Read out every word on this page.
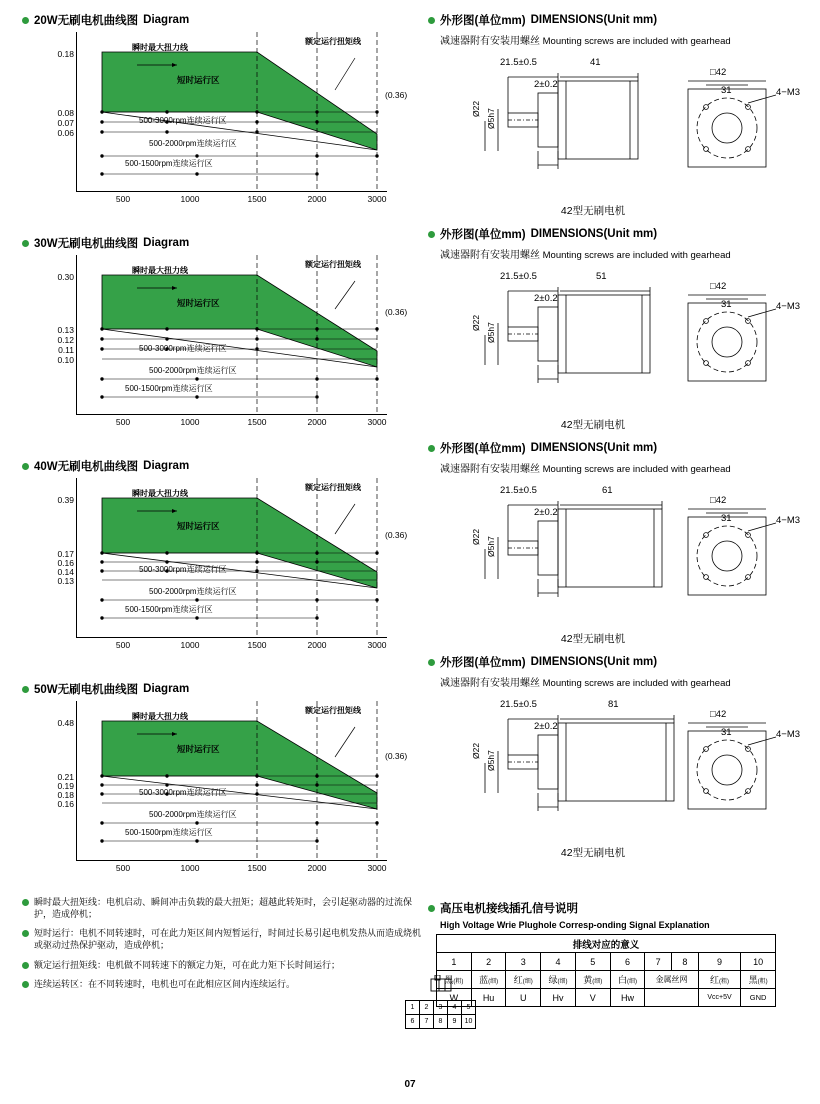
20W无刷电机曲线图 Diagram
0.18
0.08
0.07
0.06
500	1000	1500	2000	3000
瞬时最大扭力线
额定运行扭矩线
短时运行区
500-3000rpm连续运行区
500-2000rpm连续运行区
500-1500rpm连续运行区
(0.36)
30W无刷电机曲线图 Diagram
0.30
0.13
0.12
0.11
0.10
500	1000	1500	2000	3000
瞬时最大扭力线
额定运行扭矩线
短时运行区
500-3000rpm连续运行区
500-2000rpm连续运行区
500-1500rpm连续运行区
(0.36)
40W无刷电机曲线图 Diagram
0.39
0.17
0.16
0.14
0.13
500	1000	1500	2000	3000
瞬时最大扭力线
额定运行扭矩线
短时运行区
500-3000rpm连续运行区
500-2000rpm连续运行区
500-1500rpm连续运行区
(0.36)
50W无刷电机曲线图 Diagram
0.48
0.21
0.19
0.18
0.16
500	1000	1500	2000	3000
瞬时最大扭力线
额定运行扭矩线
短时运行区
500-3000rpm连续运行区
500-2000rpm连续运行区
500-1500rpm连续运行区
(0.36)
瞬时最大扭矩线：电机启动、瞬间冲击负载的最大扭矩；超越此转矩时，会引起驱动器的过流保护，造成停机；
短时运行：电机不同转速时，可在此力矩区间内短暂运行，时间过长易引起电机发热从而造成烧机或驱动过热保护驱动，造成停机；
额定运行扭矩线：电机做不同转速下的额定力矩，可在此力矩下长时间运行；
连续运转区：在不同转速时，电机也可在此相应区间内连续运行。
外形图(单位mm) DIMENSIONS(Unit mm)
减速器附有安装用螺丝 Mounting screws are included with gearhead
21.5±0.5	41
2±0.2
Ø22 Ø5h7
□42
31	4−M3
42型无刷电机
外形图(单位mm) DIMENSIONS(Unit mm)
减速器附有安装用螺丝 Mounting screws are included with gearhead
21.5±0.5	51
2±0.2
Ø22 Ø5h7
□42
31	4−M3
42型无刷电机
外形图(单位mm) DIMENSIONS(Unit mm)
减速器附有安装用螺丝 Mounting screws are included with gearhead
21.5±0.5	61
2±0.2
Ø22 Ø5h7
□42
31	4−M3
42型无刷电机
外形图(单位mm) DIMENSIONS(Unit mm)
减速器附有安装用螺丝 Mounting screws are included with gearhead
21.5±0.5	81
2±0.2
Ø22 Ø5h7
□42
31	4−M3
42型无刷电机
高压电机接线插孔信号说明
High Voltage Wrie Plughole Corresp-onding Signal Explanation
排线对应的意义									
1	2	3	4	5	6	7	8	9	10
黑(粗)	蓝(细)	红(细)	绿(细)	黄(细)	白(细)	金属丝网		红(粗)	黑(粗)
W	Hu	U	Hv	V	Hw			Vcc+5V	GND
1	2	3	4	5
6	7	8	9	10
07
